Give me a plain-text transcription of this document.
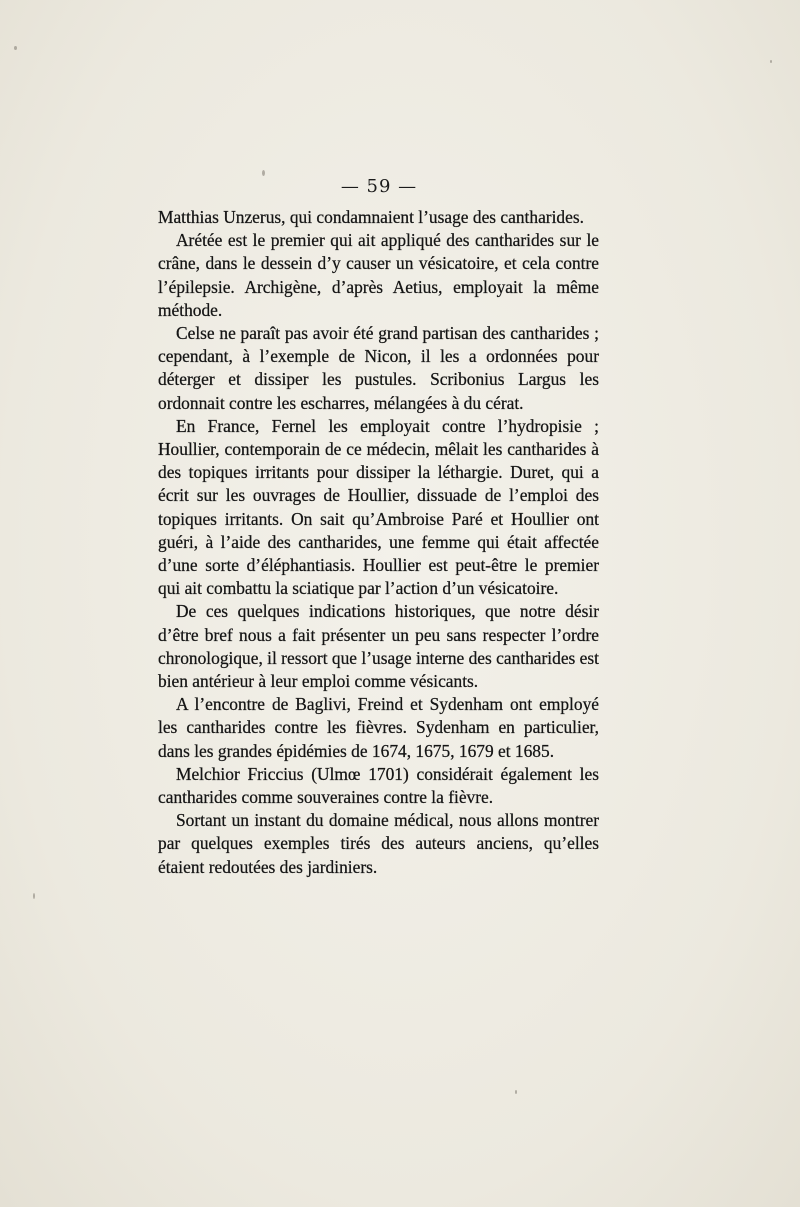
— 59 —

Matthias Unzerus, qui condamnaient l’usage des cantharides.

Arétée est le premier qui ait appliqué des cantharides sur le crâne, dans le dessein d’y causer un vésicatoire, et cela contre l’épilepsie. Archigène, d’après Aetius, employait la même méthode.

Celse ne paraît pas avoir été grand partisan des cantharides ; cependant, à l’exemple de Nicon, il les a ordonnées pour déterger et dissiper les pustules. Scribonius Largus les ordonnait contre les escharres, mélangées à du cérat.

En France, Fernel les employait contre l’hydropisie ; Houllier, contemporain de ce médecin, mêlait les cantharides à des topiques irritants pour dissiper la léthargie. Duret, qui a écrit sur les ouvrages de Houllier, dissuade de l’emploi des topiques irritants. On sait qu’Ambroise Paré et Houllier ont guéri, à l’aide des cantharides, une femme qui était affectée d’une sorte d’éléphantiasis. Houllier est peut-être le premier qui ait combattu la sciatique par l’action d’un vésicatoire.

De ces quelques indications historiques, que notre désir d’être bref nous a fait présenter un peu sans respecter l’ordre chronologique, il ressort que l’usage interne des cantharides est bien antérieur à leur emploi comme vésicants.

A l’encontre de Baglivi, Freind et Sydenham ont employé les cantharides contre les fièvres. Sydenham en particulier, dans les grandes épidémies de 1674, 1675, 1679 et 1685.

Melchior Friccius (Ulmœ 1701) considérait également les cantharides comme souveraines contre la fièvre.

Sortant un instant du domaine médical, nous allons montrer par quelques exemples tirés des auteurs anciens, qu’elles étaient redoutées des jardiniers.
